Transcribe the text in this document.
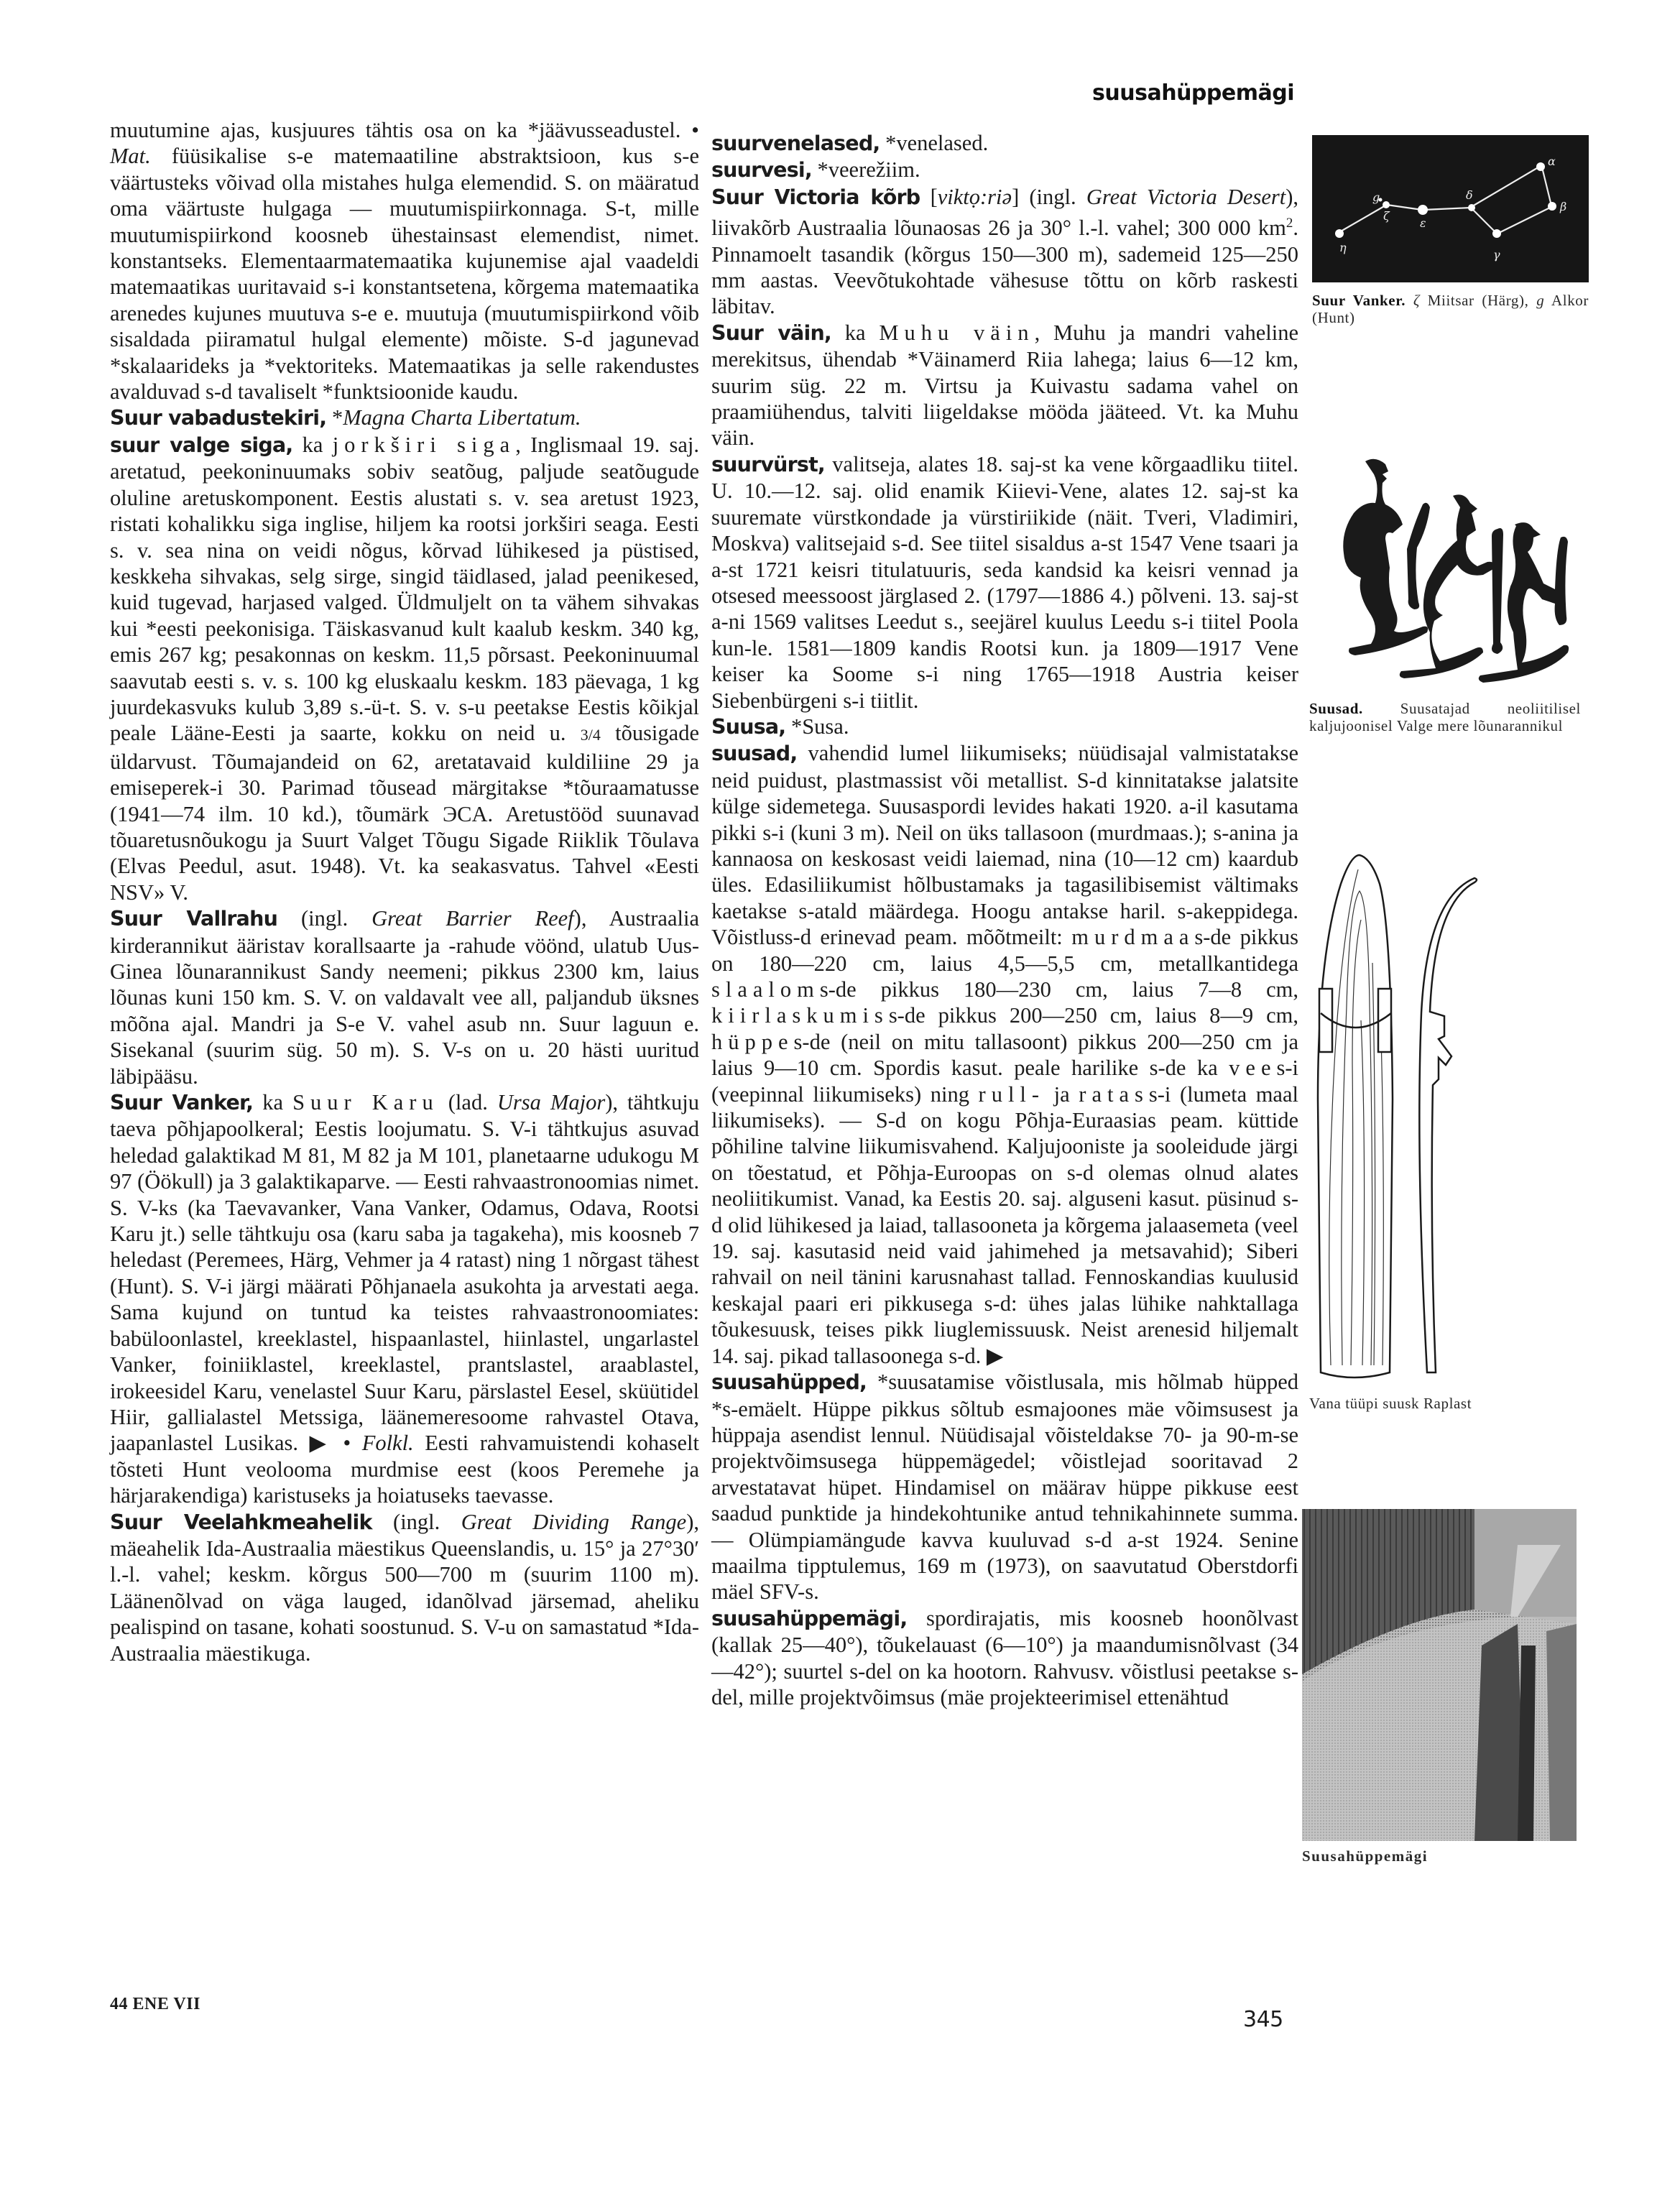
suusahüppemägi

muutumine ajas, kusjuures tähtis osa on ka *jäävusseadustel. • Mat. füüsikalise s-e matemaatiline abstraktsioon, kus s-e väärtusteks võivad olla mistahes hulga elemendid. S. on määratud oma väärtuste hulgaga — muutumispiirkonnaga. S-t, mille muutumispiirkond koosneb ühestainsast elemendist, nimet. konstantseks. Elementaarmatemaatika kujunemise ajal vaadeldi matemaatikas uuritavaid s-i konstantsetena, kõrgema matemaatika arenedes kujunes muutuva s-e e. muutuja (muutumispiirkond võib sisaldada piiramatul hulgal elemente) mõiste. S-d jagunevad *skalaarideks ja *vektoriteks. Matemaatikas ja selle rakendustes avalduvad s-d tavaliselt *funktsioonide kaudu.

Suur vabadustekiri, *Magna Charta Libertatum.

suur valge siga, ka jorkširi siga, Inglismaal 19. saj. aretatud, peekoninuumaks sobiv seatõug, paljude seatõugude oluline aretuskomponent. Eestis alustati s. v. sea aretust 1923, ristati kohalikku siga inglise, hiljem ka rootsi jorkširi seaga. Eesti s. v. sea nina on veidi nõgus, kõrvad lühikesed ja püstised, keskkeha sihvakas, selg sirge, singid täidlased, jalad peenikesed, kuid tugevad, harjased valged. Üldmuljelt on ta vähem sihvakas kui *eesti peekonisiga. Täiskasvanud kult kaalub keskm. 340 kg, emis 267 kg; pesakonnas on keskm. 11,5 põrsast. Peekoninuumal saavutab eesti s. v. s. 100 kg eluskaalu keskm. 183 päevaga, 1 kg juurdekasvuks kulub 3,89 s.-ü-t. S. v. s-u peetakse Eestis kõikjal peale Lääne-Eesti ja saarte, kokku on neid u. 3/4 tõusigade üldarvust. Tõumajandeid on 62, aretatavaid kuldiliine 29 ja emiseperek-i 30. Parimad tõusead märgitakse *tõuraamatusse (1941—74 ilm. 10 kd.), tõumärk ЭCA. Aretustööd suunavad tõuaretusnõukogu ja Suurt Valget Tõugu Sigade Riiklik Tõulava (Elvas Peedul, asut. 1948). Vt. ka seakasvatus. Tahvel «Eesti NSV» V.

Suur Vallrahu (ingl. Great Barrier Reef), Austraalia kirderannikut ääristav korallsaarte ja -rahude vöönd, ulatub Uus-Ginea lõunarannikust Sandy neemeni; pikkus 2300 km, laius lõunas kuni 150 km. S. V. on valdavalt vee all, paljandub üksnes mõõna ajal. Mandri ja S-e V. vahel asub nn. Suur laguun e. Sisekanal (suurim süg. 50 m). S. V-s on u. 20 hästi uuritud läbipääsu.

Suur Vanker, ka Suur Karu (lad. Ursa Major), tähtkuju taeva põhjapoolkeral; Eestis loojumatu. S. V-i tähtkujus asuvad heledad galaktikad M 81, M 82 ja M 101, planetaarne udukogu M 97 (Öökull) ja 3 galaktikaparve. — Eesti rahvaastronoomias nimet. S. V-ks (ka Taevavanker, Vana Vanker, Odamus, Odava, Rootsi Karu jt.) selle tähtkuju osa (karu saba ja tagakeha), mis koosneb 7 heledast (Peremees, Härg, Vehmer ja 4 ratast) ning 1 nõrgast tähest (Hunt). S. V-i järgi määrati Põhjanaela asukohta ja arvestati aega. Sama kujund on tuntud ka teistes rahvaastronoomiates: babüloonlastel, kreeklastel, hispaanlastel, hiinlastel, ungarlastel Vanker, foiniiklastel, kreeklastel, prantslastel, araablastel, irokeesidel Karu, venelastel Suur Karu, pärslastel Eesel, sküütidel Hiir, gallialastel Metssiga, läänemeresoome rahvastel Otava, jaapanlastel Lusikas. ▶ • Folkl. Eesti rahvamuistendi kohaselt tõsteti Hunt veolooma murdmise eest (koos Peremehe ja härjarakendiga) karistuseks ja hoiatuseks taevasse.

Suur Veelahkmeahelik (ingl. Great Dividing Range), mäeahelik Ida-Austraalia mäestikus Queenslandis, u. 15° ja 27°30′ l.-l. vahel; keskm. kõrgus 500—700 m (suurim 1100 m). Läänenõlvad on väga lauged, idanõlvad järsemad, aheliku pealispind on tasane, kohati soostunud. S. V-u on samastatud *Ida-Austraalia mäestikuga.

suurvenelased, *venelased.

suurvesi, *veerežiim.

Suur Victoria kõrb [viktọ:riə] (ingl. Great Victoria Desert), liivakõrb Austraalia lõunaosas 26 ja 30° l.-l. vahel; 300 000 $km^2$. Pinnamoelt tasandik (kõrgus 150—300 m), sademeid 125—250 mm aastas. Veevõtukohtade vähesuse tõttu on kõrb raskesti läbitav.

Suur väin, ka Muhu väin, Muhu ja mandri vaheline merekitsus, ühendab *Väinamerd Riia lahega; laius 6—12 km, suurim süg. 22 m. Virtsu ja Kuivastu sadama vahel on praamiühendus, talviti liigeldakse mööda jääteed. Vt. ka Muhu väin.

suurvürst, valitseja, alates 18. saj-st ka vene kõrgaadliku tiitel. U. 10.—12. saj. olid enamik Kiievi-Vene, alates 12. saj-st ka suuremate vürstkondade ja vürstiriikide (näit. Tveri, Vladimiri, Moskva) valitsejaid s-d. See tiitel sisaldus a-st 1547 Vene tsaari ja a-st 1721 keisri titulatuuris, seda kandsid ka keisri vennad ja otsesed meessoost järglased 2. (1797—1886 4.) põlveni. 13. saj-st a-ni 1569 valitses Leedut s., seejärel kuulus Leedu s-i tiitel Poola kun-le. 1581—1809 kandis Rootsi kun. ja 1809—1917 Vene keiser ka Soome s-i ning 1765—1918 Austria keiser Siebenbürgeni s-i tiitlit.

Suusa, *Susa.

suusad, vahendid lumel liikumiseks; nüüdisajal valmistatakse neid puidust, plastmassist või metallist. S-d kinnitatakse jalatsite külge sidemetega. Suusaspordi levides hakati 1920. a-il kasutama pikki s-i (kuni 3 m). Neil on üks tallasoon (murdmaas.); s-anina ja kannaosa on keskosast veidi laiemad, nina (10—12 cm) kaardub üles. Edasiliikumist hõlbustamaks ja tagasilibisemist vältimaks kaetakse s-atald määrdega. Hoogu antakse haril. s-akeppidega. Võistluss-d erinevad peam. mõõtmeilt: murdmaas-de pikkus on 180—220 cm, laius 4,5—5,5 cm, metallkantidega slaaloms-de pikkus 180—230 cm, laius 7—8 cm, kiirlaskumiss-de pikkus 200—250 cm, laius 8—9 cm, hüppes-de (neil on mitu tallasoont) pikkus 200—250 cm ja laius 9—10 cm. Spordis kasut. peale harilike s-de ka vees-i (veepinnal liikumiseks) ning rull- ja ratass-i (lumeta maal liikumiseks). — S-d on kogu Põhja-Euraasias peam. küttide põhiline talvine liikumisvahend. Kaljujooniste ja sooleidude järgi on tõestatud, et Põhja-Euroopas on s-d olemas olnud alates neoliitikumist. Vanad, ka Eestis 20. saj. alguseni kasut. püsinud s-d olid lühikesed ja laiad, tallasooneta ja kõrgema jalaasemeta (veel 19. saj. kasutasid neid vaid jahimehed ja metsavahid); Siberi rahvail on neil tänini karusnahast tallad. Fennoskandias kuulusid keskajal paari eri pikkusega s-d: ühes jalas lühike nahktallaga tõukesuusk, teises pikk liuglemissuusk. Neist arenesid hiljemalt 14. saj. pikad tallasoonega s-d. ▶

suusahüpped, *suusatamise võistlusala, mis hõlmab hüpped *s-emäelt. Hüppe pikkus sõltub esmajoones mäe võimsusest ja hüppaja asendist lennul. Nüüdisajal võisteldakse 70- ja 90-m-se projektvõimsusega hüppemägedel; võistlejad sooritavad 2 arvestatavat hüpet. Hindamisel on määrav hüppe pikkuse eest saadud punktide ja hindekohtunike antud tehnikahinnete summa. — Olümpiamängude kavva kuuluvad s-d a-st 1924. Senine maailma tipptulemus, 169 m (1973), on saavutatud Oberstdorfi mäel SFV-s.

suusahüppemägi, spordirajatis, mis koosneb hoonõlvast (kallak 25—40°), tõukelauast (6—10°) ja maandumisnõlvast (34—42°); suurtel s-del on ka hootorn. Rahvusv. võistlusi peetakse s-del, mille projektvõimsus (mäe projekteerimisel ettenähtud

η
ζ
g
ε
δ
γ
β
α
Suur Vanker. ζ Miitsar (Härg), g Alkor (Hunt)
Suusad. Suusatajad neoliitilisel kaljujoonisel Valge mere lõunarannikul
Vana tüüpi suusk Raplast
Suusahüppemägi
44 ENE VII
345
